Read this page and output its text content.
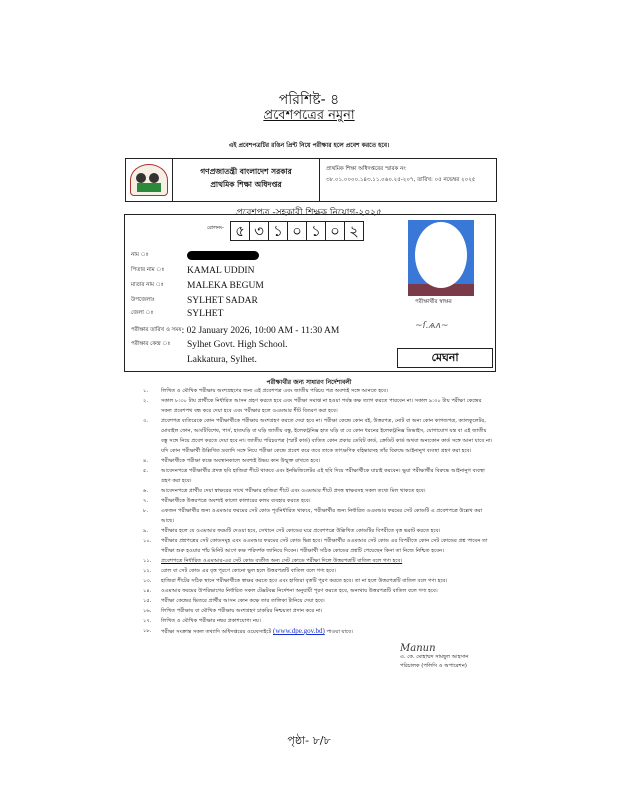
পরিশিষ্ট- ৪
প্রবেশপত্রের নমুনা
এই প্রবেশপত্রটির রঙিন প্রিন্ট নিয়ে পরীক্ষার হলে প্রবেশ করতে হবে।
গণপ্রজাতন্ত্রী বাংলাদেশ সরকার
প্রাথমিক শিক্ষা অধিদপ্তর
প্রাথমিক শিক্ষা অধিদপ্তরের স্মারক নং
৩৮.০১.০০০০.১৪৩.১১.০৬০.২৫-২০৭, তারিখ: ০৫ নভেম্বর ২০২৫
প্রবেশপত্র -সহকারী শিক্ষক নিয়োগ-২০২৫
রোলনং- ৫ ৩ ১ ০ ১ ০ ২
পরীক্ষার্থীর স্বাক্ষর
~ſ.ѧʌ~
নাম ঃ
পিতার নাম ঃ	KAMAL UDDIN
মাতার নাম ঃ	MALEKA BEGUM
উপজেলাঃ	SYLHET SADAR
জেলা ঃ	SYLHET
পরীক্ষার তারিখ ও সময় : 02 January 2026, 10:00 AM - 11:30 AM
পরীক্ষার কেন্দ্র ঃ	Sylhet Govt. High School.
Lakkatura, Sylhet.	মেঘনা
পরীক্ষার্থীর জন্য সাধারণ নির্দেশাবলী
১.	লিখিত ও মৌখিক পরীক্ষায় অংশগ্রহণের জন্য এই প্রবেশপত্র এবং জাতীয় পরিচয় পত্র অবশ্যই সঙ্গে আনতে হবে।
২.	সকাল ৮:৩০ টায় প্রার্থীকে নির্ধারিত আসন গ্রহণ করতে হবে এবং পরীক্ষা সমাপ্ত না হওয়া পর্যন্ত কক্ষ ত্যাগ করতে পারবেন না। সকাল ৯:৩০ টায় পরীক্ষা কেন্দ্রের সকল প্রবেশপথ বন্ধ করে দেয়া হবে এবং পরীক্ষার হলে ওএমআর শীট বিতরণ করা হবে।
৩.	প্রবেশপত্র ব্যতিরেকে কোন পরীক্ষার্থীকে পরীক্ষায় অংশগ্রহণ করতে দেয়া হবে না। পরীক্ষা কেন্দ্রে কোন বই, উত্তরপত্র, নোট বা অন্য কোন কাগজপত্র, ক্যালকুলেটর, মোবাইল ফোন, আংটিবিশেষ, পার্স, হাতঘড়ি বা ঘড়ি জাতীয় বস্তু, ইলেকট্রনিক্স হাত ঘড়ি বা যে কোন ধরনের ইলেকট্রনিক্স ডিভাইস, যোগাযোগ যন্ত্র বা এই জাতীয় বস্তু সঙ্গে নিয়ে প্রবেশ করতে দেয়া হবে না। জাতীয় পরিচয়পত্র (স্মার্ট কার্ড) ব্যতিত কোন প্রকার ডেবিট কার্ড, ক্রেডিট কার্ড অথবা অন্যকোন কার্ড সঙ্গে আনা যাবে না। যদি কোন পরীক্ষার্থী উল্লিখিত দ্রব্যাদি সঙ্গে নিয়ে পরীক্ষা কেন্দ্রে প্রবেশ করে তবে তাকে তাৎক্ষণিক বহিষ্কারসহ তাঁর বিরুদ্ধে আইনানুগ ব্যবস্থা গ্রহণ করা হবে।
৪.	পরীক্ষার্থীকে পরীক্ষা কক্ষে অবস্থানকালে অবশ্যই উভয় কান উন্মুক্ত রাখতে হবে।
৫.	আবেদনপত্রে পরীক্ষার্থীর প্রদত্ত ছবি হাজিরা শীটে থাকবে এবং ইনভিজিলেটর এই ছবি দিয়ে পরীক্ষার্থীকে যাচাই করবেন। ভুয়া পরীক্ষার্থীর বিরুদ্ধে আইনানুগ ব্যবস্থা গ্রহণ করা হবে।
৬.	আবেদনপত্রে প্রার্থীর দেয়া স্বাক্ষরের সাথে পরীক্ষার হাজিরা শীটে এবং ওএমআর শীটে প্রদত্ত স্বাক্ষরসহ সকল তথ্যে মিল থাকতে হবে।
৭.	পরীক্ষার্থীকে উত্তরপত্রে অবশ্যই কালো কালারের কলম ব্যবহার করতে হবে।
৮.	একজন পরীক্ষার্থীর জন্য ওএমআর ফরমের সেট কোড পূর্বনির্ধারিত থাকবে, পরীক্ষার্থীর জন্য নির্ধারিত ওএমআর ফরমের সেট কোডটি এ প্রবেশপত্রে উল্লেখ করা আছে।
৯.	পরীক্ষার হলে যে ওএমআর ফরমটি দেওয়া হবে, সেখানে সেট কোডের ঘরে প্রবেশপত্রে উল্লিখিত কোডটির বিপরীতে বৃত্ত ভরাট করতে হবে।
১০.	পরীক্ষার প্রশ্নপত্রের সেট কোডসমূহ এবং ওএমআর ফরমের সেট কোড ভিন্ন হবে। পরীক্ষার্থীর ওএমআর সেট কোড এর বিপরীতে কোন সেট কোডের প্রশ্ন পাবেন তা পরীক্ষা শুরু হওয়ার পাঁচ মিনিট আগে কক্ষ পরিদর্শক জানিয়ে দিবেন। পরীক্ষার্থী সঠিক কোডের প্রশ্নটি পেয়েছেন কিনা তা নিজে নিশ্চিত হবেন।
১১.	প্রবেশপত্রে নির্ধারিত ওএমআর-এর সেট কোড ব্যতীত অন্য সেট কোডে পরীক্ষা দিলে উত্তরপত্রটি বাতিল বলে গণ্য হবে।
১২.	রোল বা সেট কোড এর বৃত্ত পূরণে কোনো ভুল হলে উত্তরপত্রটি বাতিল বলে গণ্য হবে।
১৩.	হাজিরা শীটের সঠিক স্থানে পরীক্ষার্থীকে স্বাক্ষর করতে হবে এবং হাজিরা বৃত্তটি পূরণ করতে হবে। তা না হলে উত্তরপত্রটি বাতিল বলে গণ্য হবে।
১৪.	ওএমআর ফরমের উপরিভাগের নির্ধারিত সকল টেক্সটবক্স নির্দেশনা অনুযায়ী পূরণ করতে হবে, অন্যথায় উত্তরপত্রটি বাতিল বলে গণ্য হবে।
১৫.	পরীক্ষা কেন্দ্রের ভিতরে প্রার্থীর আসন কোন কক্ষে তার তালিকা টানিয়ে দেয়া হবে।
১৬.	লিখিত পরীক্ষায় বা মৌখিক পরীক্ষায় অংশগ্রহণ চাকরির নিশ্চয়তা প্রদান করে না।
১৭.	লিখিত ও মৌখিক পরীক্ষার নম্বর প্রকাশযোগ্য নয়।
১৮.	পরীক্ষা সংক্রান্ত সকল তথ্যাদি অধিদপ্তরের ওয়েবসাইটে (www.dpe.gov.bd) পাওয়া যাবে।
Manun
এ. কে. মোহাম্মদ সামছুল আহসান
পরিচালক (পলিসি ও অপারেশন)
পৃষ্ঠা- ৮/৮
